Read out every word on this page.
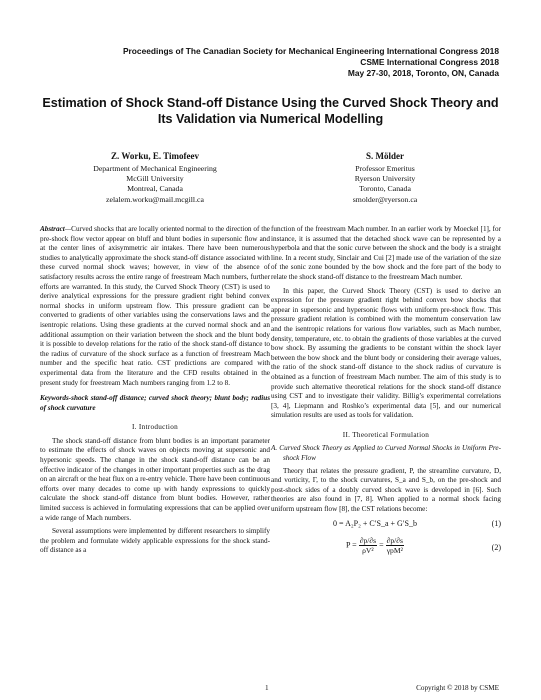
Proceedings of The Canadian Society for Mechanical Engineering International Congress 2018
CSME International Congress 2018
May 27-30, 2018, Toronto, ON, Canada
Estimation of Shock Stand-off Distance Using the Curved Shock Theory and
Its Validation via Numerical Modelling
Z. Worku, E. Timofeev
Department of Mechanical Engineering
McGill University
Montreal, Canada
zelalem.worku@mail.mcgill.ca
S. Mölder
Professor Emeritus
Ryerson University
Toronto, Canada
smolder@ryerson.ca

Abstract—Curved shocks that are locally oriented normal to the direction of the pre-shock flow vector appear on bluff and blunt bodies in supersonic flow and at the center lines of axisymmetric air intakes. There have been numerous studies to analytically approximate the shock stand-off distance associated with these curved normal shock waves; however, in view of the absence of satisfactory results across the entire range of freestream Mach numbers, further efforts are warranted. In this study, the Curved Shock Theory (CST) is used to derive analytical expressions for the pressure gradient right behind convex normal shocks in uniform upstream flow. This pressure gradient can be converted to gradients of other variables using the conservations laws and the isentropic relations. Using these gradients at the curved normal shock and an additional assumption on their variation between the shock and the blunt body it is possible to develop relations for the ratio of the shock stand-off distance to the radius of curvature of the shock surface as a function of freestream Mach number and the specific heat ratio. CST predictions are compared with experimental data from the literature and the CFD results obtained in the present study for freestream Mach numbers ranging from 1.2 to 8.

Keywords-shock stand-off distance; curved shock theory; blunt body; radius of shock curvature

I. Introduction

The shock stand-off distance from blunt bodies is an important parameter to estimate the effects of shock waves on objects moving at supersonic and hypersonic speeds. The change in the shock stand-off distance can be an effective indicator of the changes in other important properties such as the drag on an aircraft or the heat flux on a re-entry vehicle. There have been continuous efforts over many decades to come up with handy expressions to quickly calculate the shock stand-off distance from blunt bodies. However, rather limited success is achieved in formulating expressions that can be applied over a wide range of Mach numbers.

Several assumptions were implemented by different researchers to simplify the problem and formulate widely applicable expressions for the shock stand-off distance as a

function of the freestream Mach number. In an earlier work by Moeckel [1], for instance, it is assumed that the detached shock wave can be represented by a hyperbola and that the sonic curve between the shock and the body is a straight line. In a recent study, Sinclair and Cui [2] made use of the variation of the size of the sonic zone bounded by the bow shock and the fore part of the body to relate the shock stand-off distance to the freestream Mach number.

In this paper, the Curved Shock Theory (CST) is used to derive an expression for the pressure gradient right behind convex bow shocks that appear in supersonic and hypersonic flows with uniform pre-shock flow. This pressure gradient relation is combined with the momentum conservation law and the isentropic relations for various flow variables, such as Mach number, density, temperature, etc. to obtain the gradients of those variables at the curved bow shock. By assuming the gradients to be constant within the shock layer between the bow shock and the blunt body or considering their average values, the ratio of the shock stand-off distance to the shock radius of curvature is obtained as a function of freestream Mach number. The aim of this study is to provide such alternative theoretical relations for the shock stand-off distance using CST and to investigate their validity. Billig’s experimental correlations [3, 4], Liepmann and Roshko’s experimental data [5], and our numerical simulation results are used as tools for validation.

II. Theoretical Formulation

A. Curved Shock Theory as Applied to Curved Normal Shocks in Uniform Pre-shock Flow

Theory that relates the pressure gradient, P, the streamline curvature, D, and vorticity, Γ, to the shock curvatures, S_a and S_b, on the pre-shock and post-shock sides of a doubly curved shock wave is developed in [6]. Such theories are also found in [7, 8]. When applied to a normal shock facing uniform upstream flow [8], the CST relations become:

0 = A₂P₂ + C′S_a + G′S_b	(1)
$P = \frac{\partial p/\partial s}{\text{ρV²}} = \frac{\partial p/\partial s}{\text{γpM²}}$	(2)
1	Copyright © 2018 by CSME
